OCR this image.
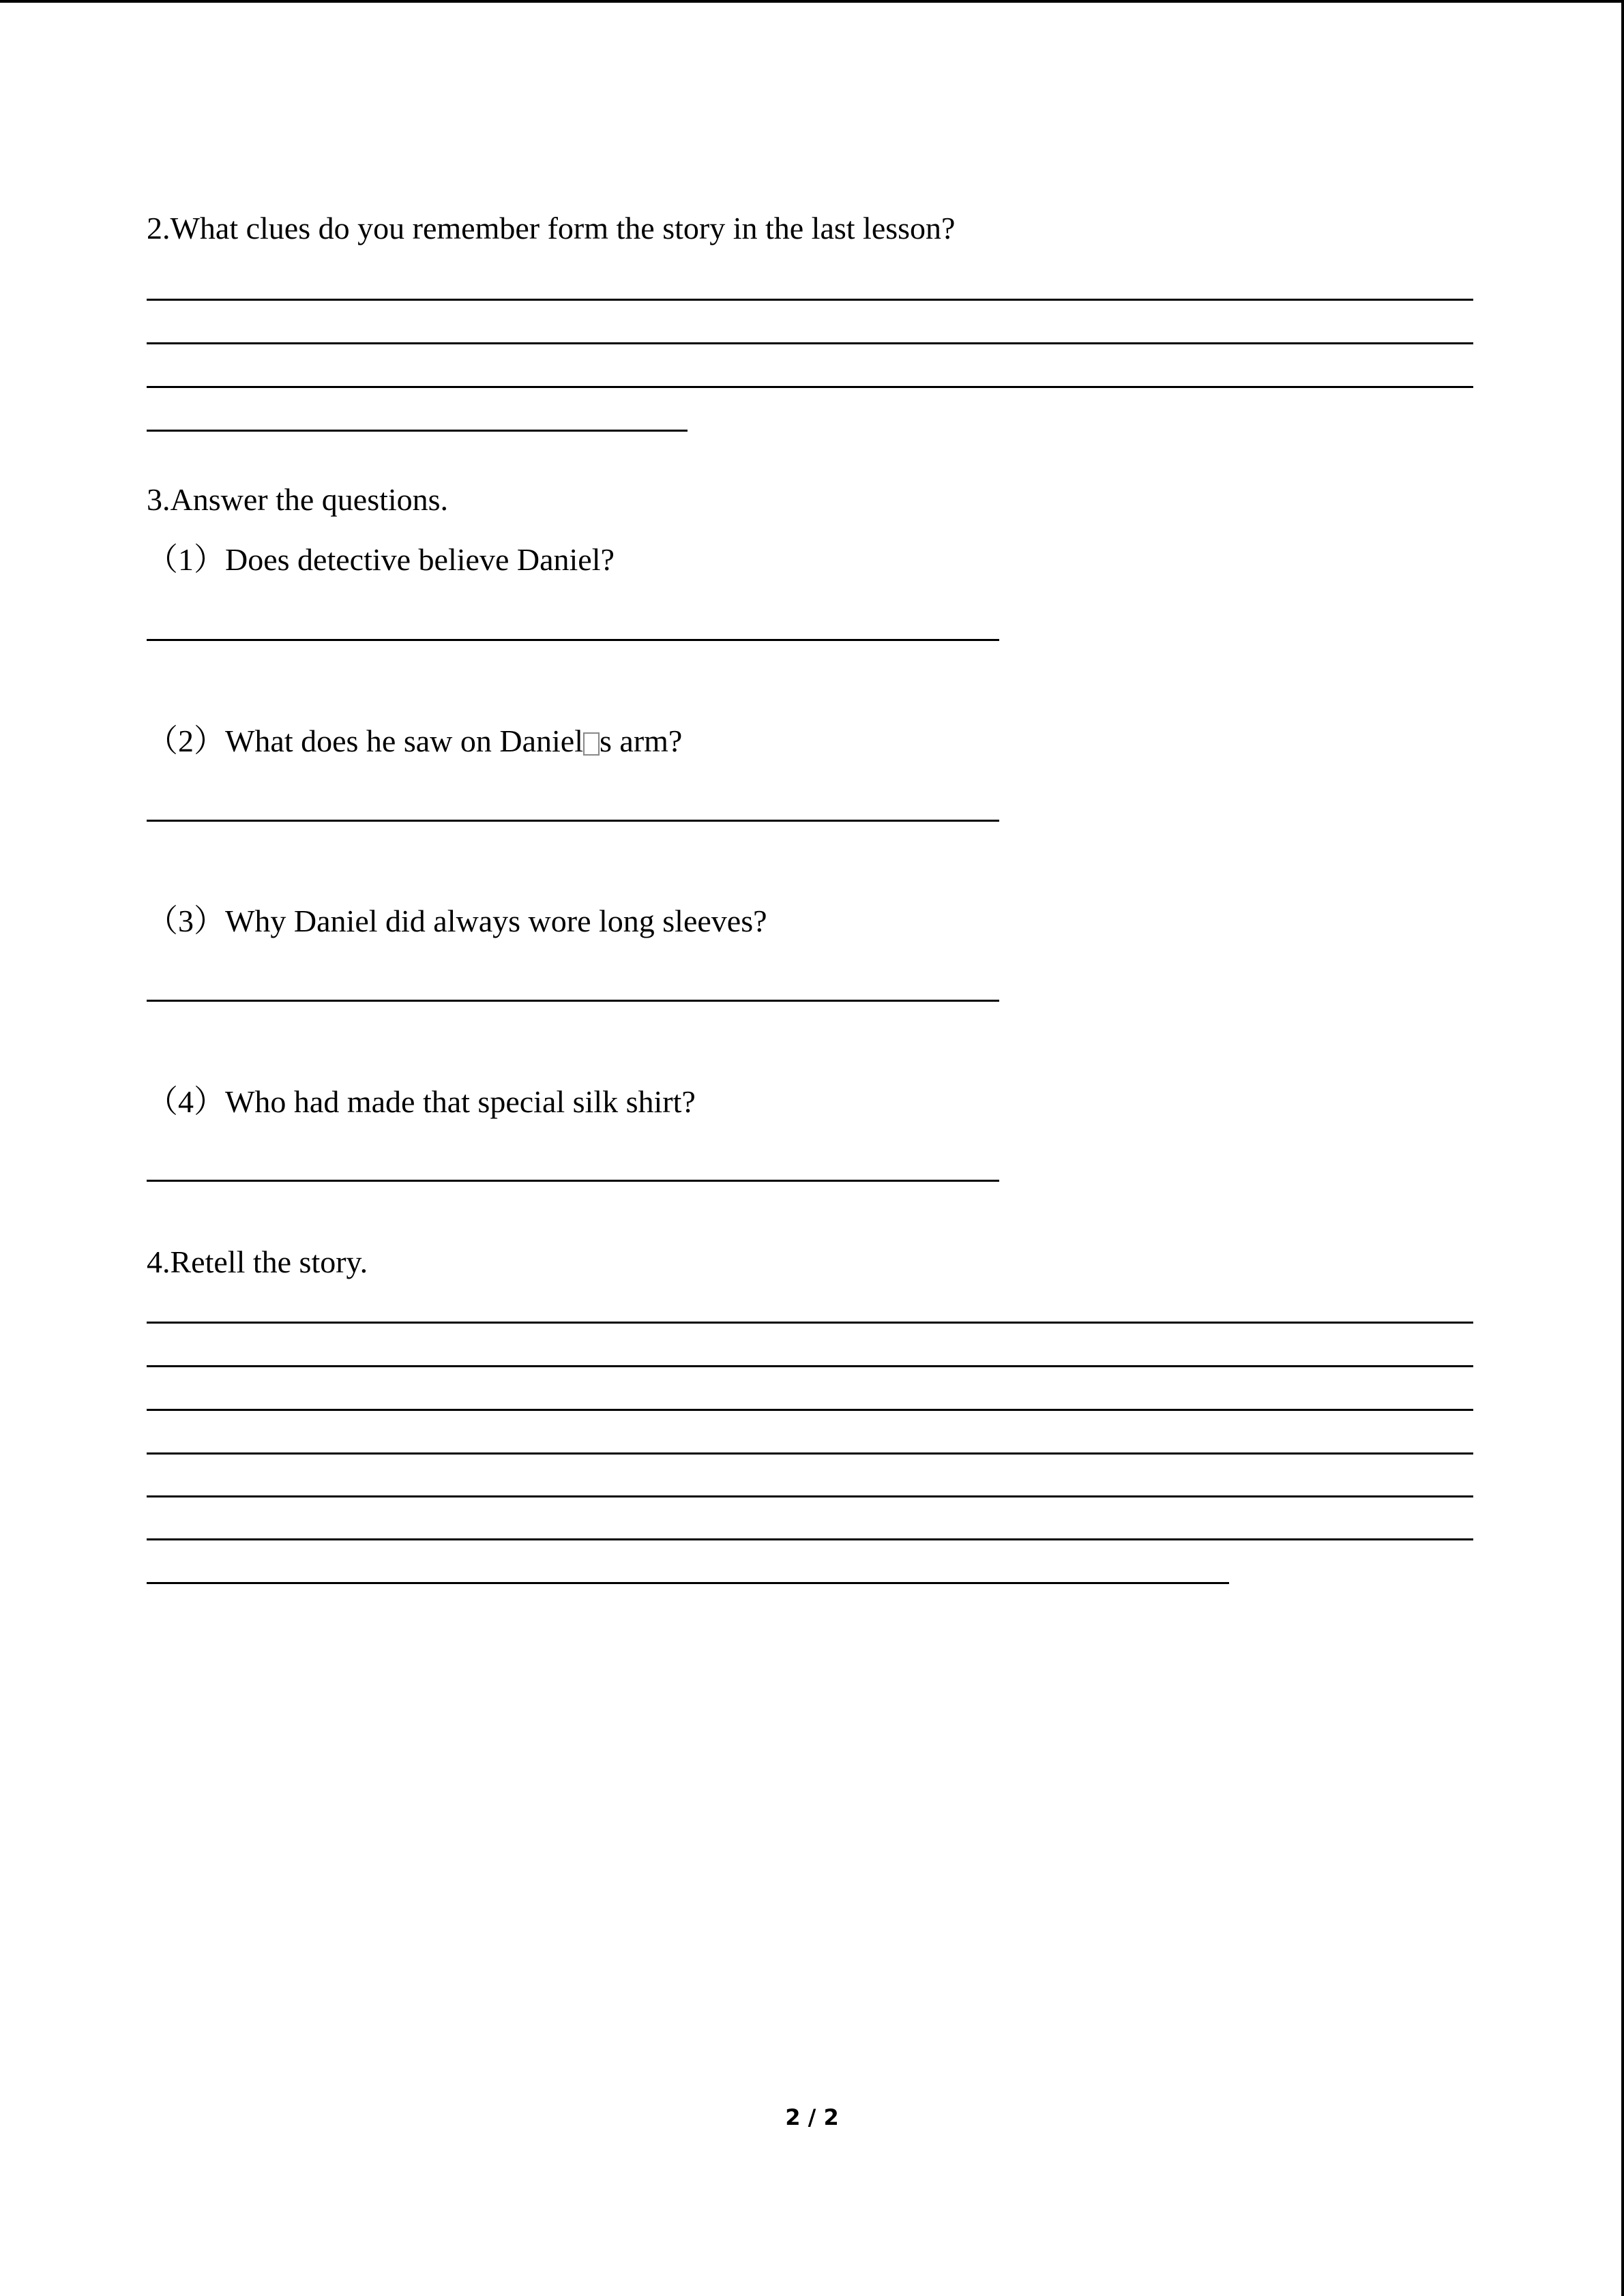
2.What clues do you remember form the story in the last lesson?
3.Answer the questions.
（1）Does detective believe Daniel?
（2）What does he saw on Daniel s arm?
（3）Why Daniel did always wore long sleeves?
（4）Who had made that special silk shirt?
4.Retell the story.
2 / 2
